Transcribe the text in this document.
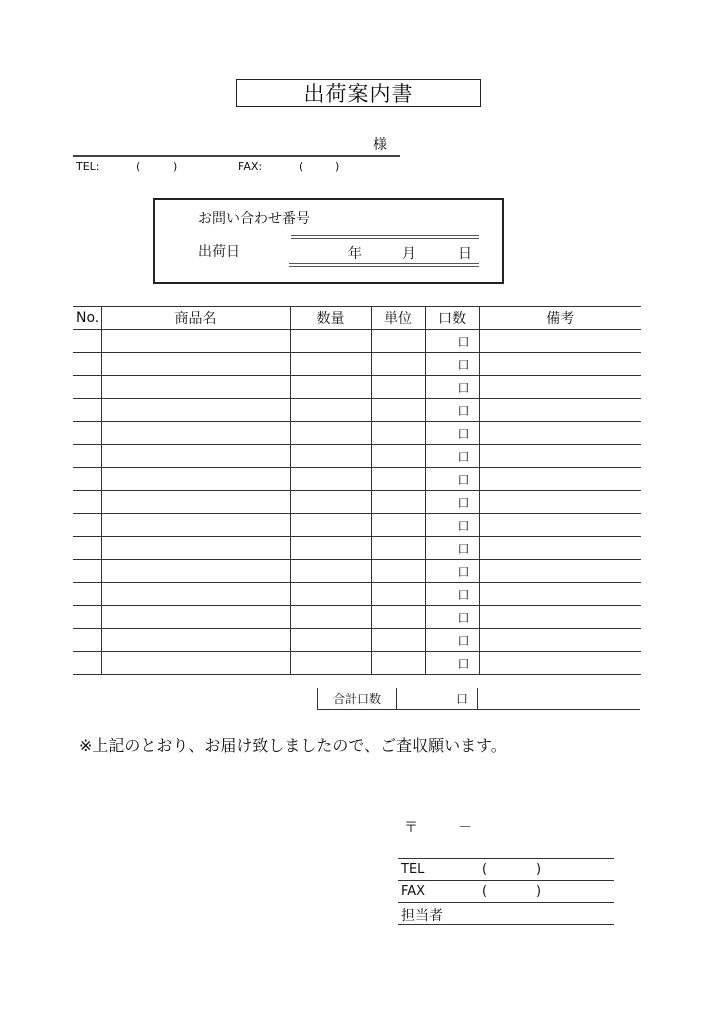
出荷案内書
様
TEL:	(	)	FAX:	(	)
お問い合わせ番号
出荷日	年	月	日
No.	商品名	数量	単位	口数	備考
				口	
				口	
				口	
				口	
				口	
				口	
				口	
				口	
				口	
				口	
				口	
				口	
				口	
				口	
				口	
合計口数	口
※上記のとおり、お届け致しましたので、ご査収願います。
〒	－
TEL	(	)
FAX	(	)
担当者
